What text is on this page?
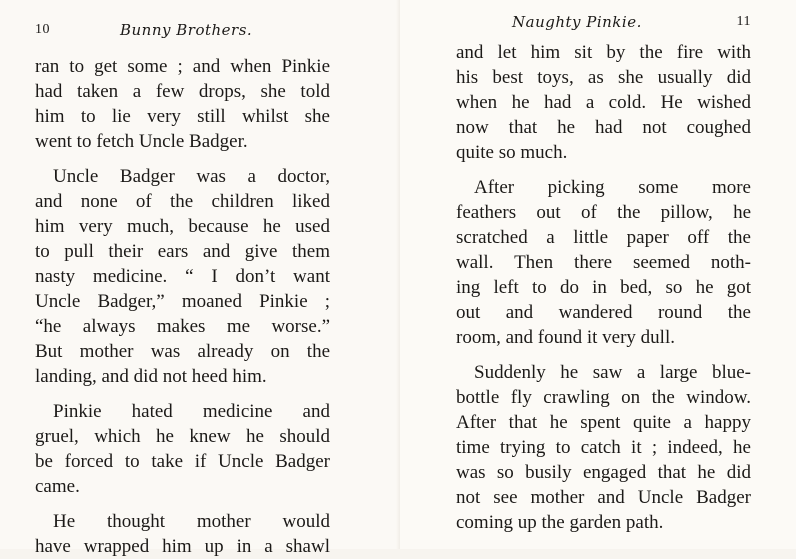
10	Bunny Brothers.

ran to get some ; and when Pinkie
had taken a few drops, she told
him to lie very still whilst she
went to fetch Uncle Badger.

Uncle Badger was a doctor,
and none of the children liked
him very much, because he used
to pull their ears and give them
nasty medicine. “ I don’t want
Uncle Badger,” moaned Pinkie ;
“he always makes me worse.”
But mother was already on the
landing, and did not heed him.

Pinkie hated medicine and
gruel, which he knew he should
be forced to take if Uncle Badger
came.

He thought mother would
have wrapped him up in a shawl

Naughty Pinkie.	11

and let him sit by the fire with
his best toys, as she usually did
when he had a cold. He wished
now that he had not coughed
quite so much.

After picking some more
feathers out of the pillow, he
scratched a little paper off the
wall. Then there seemed noth-
ing left to do in bed, so he got
out and wandered round the
room, and found it very dull.

Suddenly he saw a large blue-
bottle fly crawling on the window.
After that he spent quite a happy
time trying to catch it ; indeed, he
was so busily engaged that he did
not see mother and Uncle Badger
coming up the garden path.
